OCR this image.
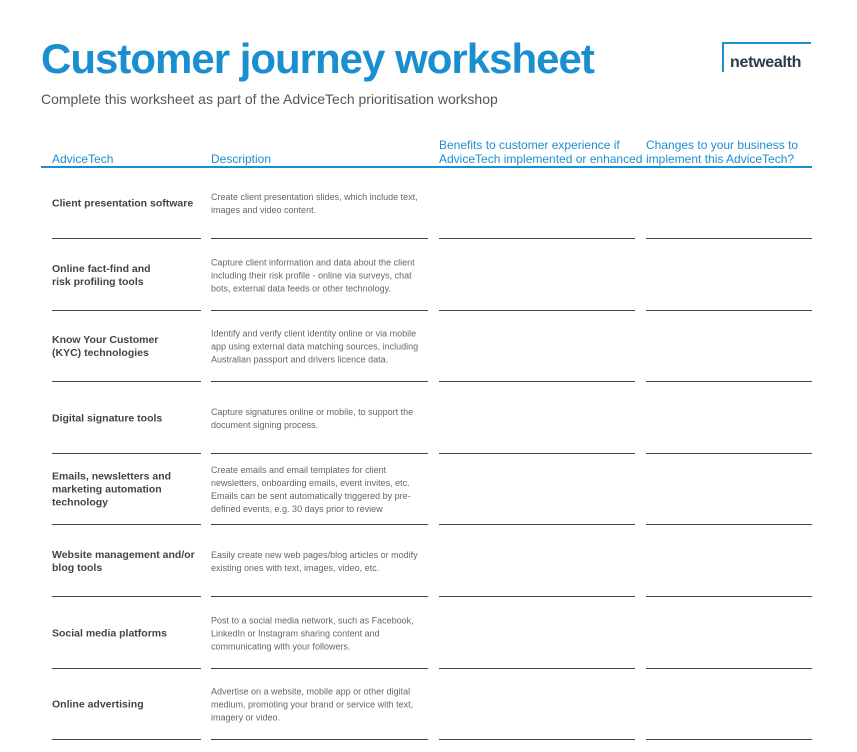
Customer journey worksheet
Complete this worksheet as part of the AdviceTech prioritisation workshop
netwealth
AdviceTech	Description
Benefits to customer experience if
AdviceTech implemented or enhanced
Changes to your business to
implement this AdviceTech?
Client presentation software
Create client presentation slides, which include text,
images and video content.
Online fact-find and
risk profiling tools
Capture client information and data about the client
including their risk profile - online via surveys, chat
bots, external data feeds or other technology.
Know Your Customer
(KYC) technologies
Identify and verify client identity online or via mobile
app using external data matching sources, including
Australian passport and drivers licence data.
Digital signature tools
Capture signatures online or mobile, to support the
document signing process.
Emails, newsletters and
marketing automation
technology
Create emails and email templates for client
newsletters, onboarding emails, event invites, etc.
Emails can be sent automatically triggered by pre-
defined events, e.g. 30 days prior to review
Website management and/or
blog tools
Easily create new web pages/blog articles or modify
existing ones with text, images, video, etc.
Social media platforms
Post to a social media network, such as Facebook,
LinkedIn or Instagram sharing content and
communicating with your followers.
Online advertising
Advertise on a website, mobile app or other digital
medium, promoting your brand or service with text,
imagery or video.
